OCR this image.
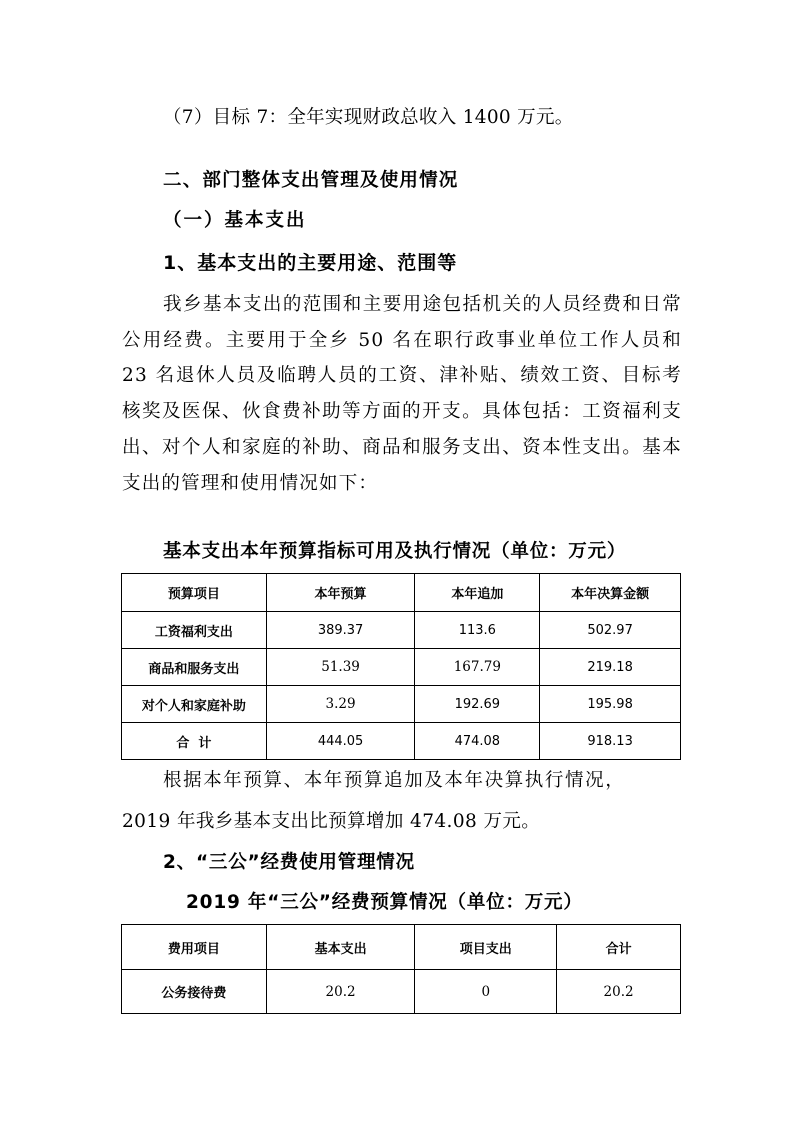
（7）目标 7：全年实现财政总收入 1400 万元。
二、部门整体支出管理及使用情况
（一）基本支出
1、基本支出的主要用途、范围等
我乡基本支出的范围和主要用途包括机关的人员经费和日常公用经费。主要用于全乡 50 名在职行政事业单位工作人员和 23 名退休人员及临聘人员的工资、津补贴、绩效工资、目标考核奖及医保、伙食费补助等方面的开支。具体包括：工资福利支出、对个人和家庭的补助、商品和服务支出、资本性支出。基本支出的管理和使用情况如下：
基本支出本年预算指标可用及执行情况（单位：万元）
预算项目	本年预算	本年追加	本年决算金额
工资福利支出	389.37	113.6	502.97
商品和服务支出	51.39	167.79	219.18
对个人和家庭补助	3.29	192.69	195.98
合  计	444.05	474.08	918.13
根据本年预算、本年预算追加及本年决算执行情况，
2019 年我乡基本支出比预算增加 474.08 万元。
2、“三公”经费使用管理情况
2019 年“三公”经费预算情况（单位：万元）
费用项目	基本支出	项目支出	合计
公务接待费	20.2	0	20.2
